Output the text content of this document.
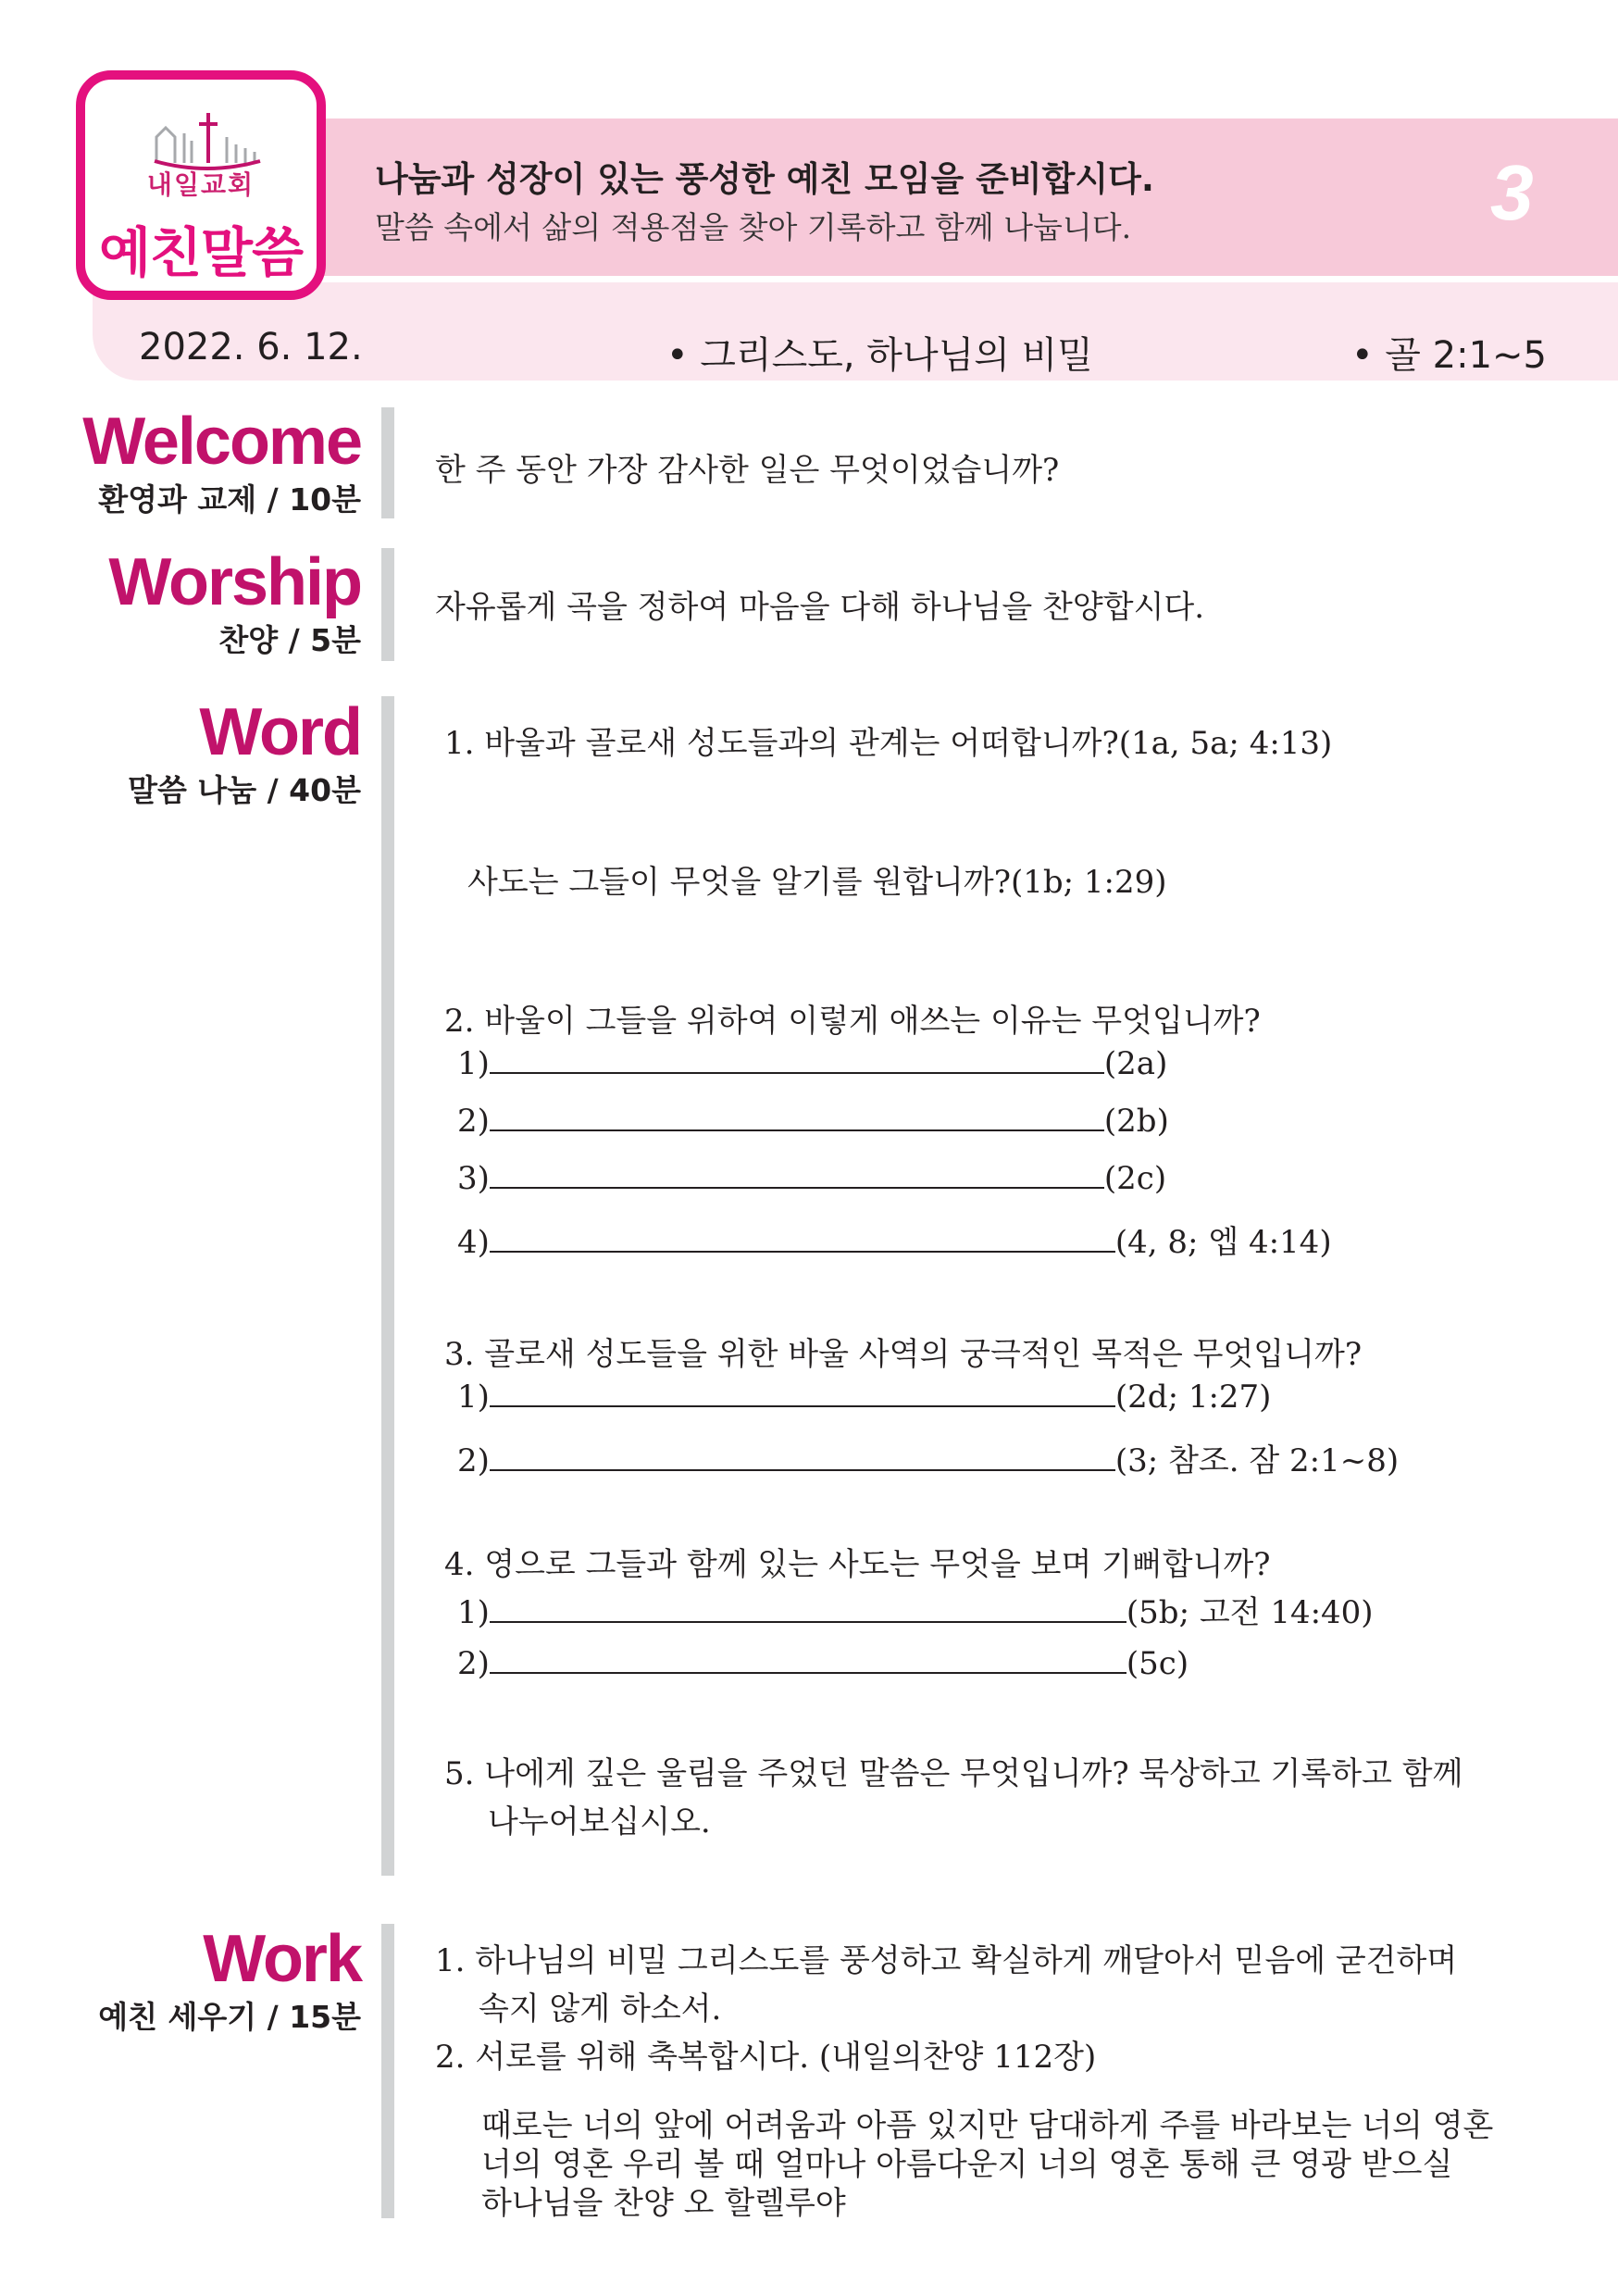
내일교회
예친말씀
나눔과 성장이 있는 풍성한 예친 모임을 준비합시다.
말씀 속에서 삶의 적용점을 찾아 기록하고 함께 나눕니다.	3
2022. 6. 12.	• 그리스도, 하나님의 비밀	• 골 2:1~5
Welcome
환영과 교제 / 10분
한 주 동안 가장 감사한 일은 무엇이었습니까?
Worship
찬양 / 5분
자유롭게 곡을 정하여 마음을 다해 하나님을 찬양합시다.
Word
말씀 나눔 / 40분
1. 바울과 골로새 성도들과의 관계는 어떠합니까?(1a, 5a; 4:13)
사도는 그들이 무엇을 알기를 원합니까?(1b; 1:29)
2. 바울이 그들을 위하여 이렇게 애쓰는 이유는 무엇입니까?
1)	(2a)
2)	(2b)
3)	(2c)
4)	(4, 8; 엡 4:14)
3. 골로새 성도들을 위한 바울 사역의 궁극적인 목적은 무엇입니까?
1)	(2d; 1:27)
2)	(3; 참조. 잠 2:1~8)
4. 영으로 그들과 함께 있는 사도는 무엇을 보며 기뻐합니까?
1)	(5b; 고전 14:40)
2)	(5c)
5. 나에게 깊은 울림을 주었던 말씀은 무엇입니까? 묵상하고 기록하고 함께
나누어보십시오.
Work
예친 세우기 / 15분
1. 하나님의 비밀 그리스도를 풍성하고 확실하게 깨달아서 믿음에 굳건하며
속지 않게 하소서.
2. 서로를 위해 축복합시다. (내일의찬양 112장)
때로는 너의 앞에 어려움과 아픔 있지만 담대하게 주를 바라보는 너의 영혼
너의 영혼 우리 볼 때 얼마나 아름다운지 너의 영혼 통해 큰 영광 받으실
하나님을 찬양 오 할렐루야
